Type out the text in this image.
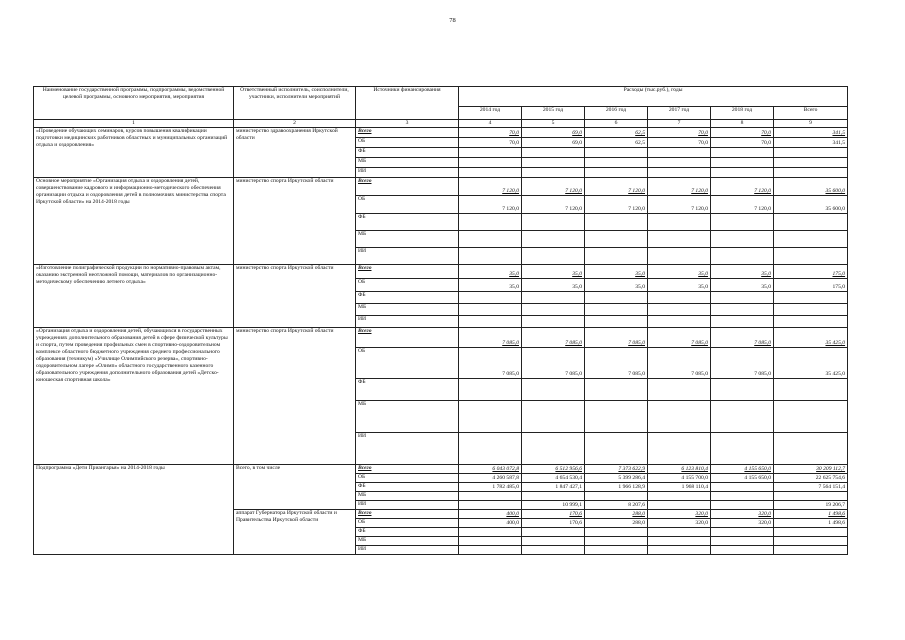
78
Наименование государственной программы, подпрограммы, ведомственной целевой программы, основного мероприятия, мероприятия	Ответственный исполнитель, соисполнители, участники, исполнители мероприятий	Источники финансирования	Расходы (тыс.руб.), годы					
			2014 год	2015 год	2016 год	2017 год	2018 год	Всего
1	2	3	4	5	6	7	8	9
«Проведение обучающих семинаров, курсов повышения квалификации подготовки медицинских работников областных и муниципальных организаций отдыха и оздоровления»	министерство здравоохранения Иркутской области	Всего	70,0	69,0	62,5	70,0	70,0	341,5
		ОБ	70,0	69,0	62,5	70,0	70,0	341,5
		ФБ						
		МБ						
		ИИ						
Основное мероприятие «Организация отдыха и оздоровления детей, совершенствование кадрового и информационно-методического обеспечения организации отдыха и оздоровления детей в полномочиях министерства спорта Иркутской области» на 2014-2018 годы	министерство спорта Иркутской области	Всего	7 120,0	7 120,0	7 120,0	7 120,0	7 120,0	35 600,0
		ОБ	7 120,0	7 120,0	7 120,0	7 120,0	7 120,0	35 600,0
		ФБ						
		МБ						
		ИИ						
«Изготовление полиграфической продукции по нормативно-правовым актам, оказанию экстренной неотложной помощи, материалов по организационно-методическому обеспечению летнего отдыха»	министерство спорта Иркутской области	Всего	35,0	35,0	35,0	35,0	35,0	175,0
		ОБ	35,0	35,0	35,0	35,0	35,0	175,0
		ФБ						
		МБ						
		ИИ						
«Организация отдыха и оздоровления детей, обучающихся в государственных учреждениях дополнительного образования детей в сфере физической культуры и спорта, путем проведения профильных смен в спортивно-оздоровительном комплексе областного бюджетного учреждения среднего профессионального образования (техникум) «Училище Олимпийского резерва», спортивно-оздоровительном лагере «Олимп» областного государственного казенного образовательного учреждения дополнительного образования детей «Детско-юношеская спортивная школа»	министерство спорта Иркутской области	Всего	7 085,0	7 085,0	7 085,0	7 085,0	7 085,0	35 425,0
		ОБ	7 085,0	7 085,0	7 085,0	7 085,0	7 085,0	35 425,0
		ФБ						
		МБ						
		ИИ						
Подпрограмма «Дети Приангарья» на 2014-2018 годы	Всего, в том числе	Всего	6 043 072,8	6 512 956,6	7 373 622,9	6 123 810,4	4 155 650,0	30 209 112,7
		ОБ	4 260 587,8	4 654 530,4	5 399 286,4	4 155 700,0	4 155 650,0	22 625 754,6
		ФБ	1 782 485,0	1 847 427,1	1 966 128,9	1 968 110,4		7 564 151,4
		МБ						
		ИИ		10 999,1	8 207,6			19 206,7
	аппарат Губернатора Иркутской области и Правительства Иркутской области	Всего	400,0	170,6	288,0	320,0	320,0	1 498,6
		ОБ	400,0	170,6	288,0	320,0	320,0	1 498,6
		ФБ						
		МБ						
		ИИ						
